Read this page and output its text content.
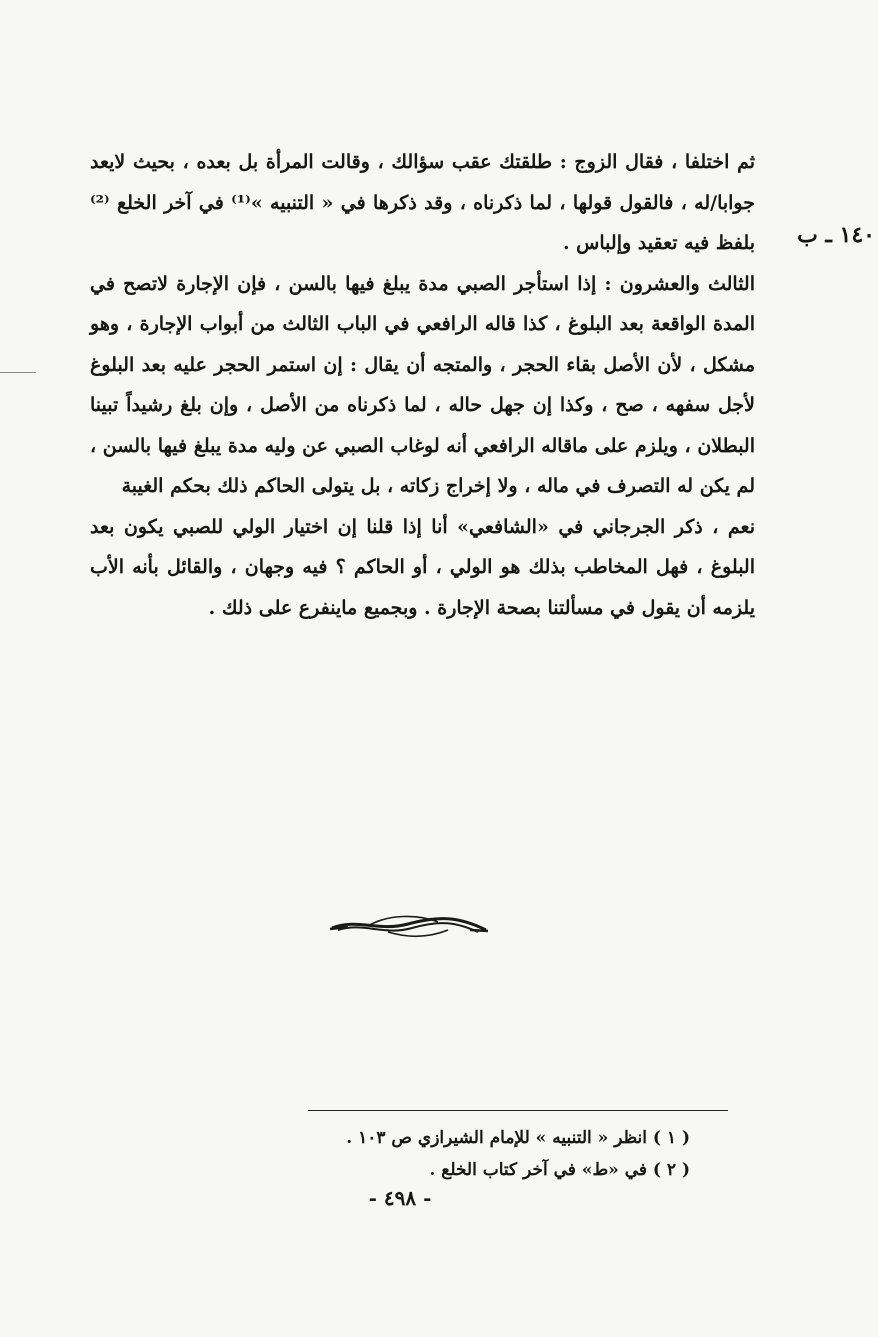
١٤٠ ـ ب

ثم اختلفا ، فقال الزوج : طلقتك عقب سؤالك ، وقالت المرأة بل بعده ، بحيث لايعد جوابا/له ، فالقول قولها ، لما ذكرناه ، وقد ذكرها في « التنبيه »⁽¹⁾ في آخر الخلع ⁽²⁾ بلفظ فيه تعقيد وإلباس .

الثالث والعشرون : إذا استأجر الصبي مدة يبلغ فيها بالسن ، فإن الإجارة لاتصح في المدة الواقعة بعد البلوغ ، كذا قاله الرافعي في الباب الثالث من أبواب الإجارة ، وهو مشكل ، لأن الأصل بقاء الحجر ، والمتجه أن يقال : إن استمر الحجر عليه بعد البلوغ لأجل سفهه ، صح ، وكذا إن جهل حاله ، لما ذكرناه من الأصل ، وإن بلغ رشيداً تبينا البطلان ، ويلزم على ماقاله الرافعي أنه لوغاب الصبي عن وليه مدة يبلغ فيها بالسن ، لم يكن له التصرف في ماله ، ولا إخراج زكاته ، بل يتولى الحاكم ذلك بحكم الغيبة

نعم ، ذكر الجرجاني في «الشافعي» أنا إذا قلنا إن اختيار الولي للصبي يكون بعد البلوغ ، فهل المخاطب بذلك هو الولي ، أو الحاكم ؟ فيه وجهان ، والقائل بأنه الأب يلزمه أن يقول في مسألتنا بصحة الإجارة . وبجميع ماينفرع على ذلك .

( ١ ) انظر « التنبيه » للإمام الشيرازي ص ١٠٣ .

( ٢ ) في «ط» في آخر كتاب الخلع .

- ٤٩٨ -
